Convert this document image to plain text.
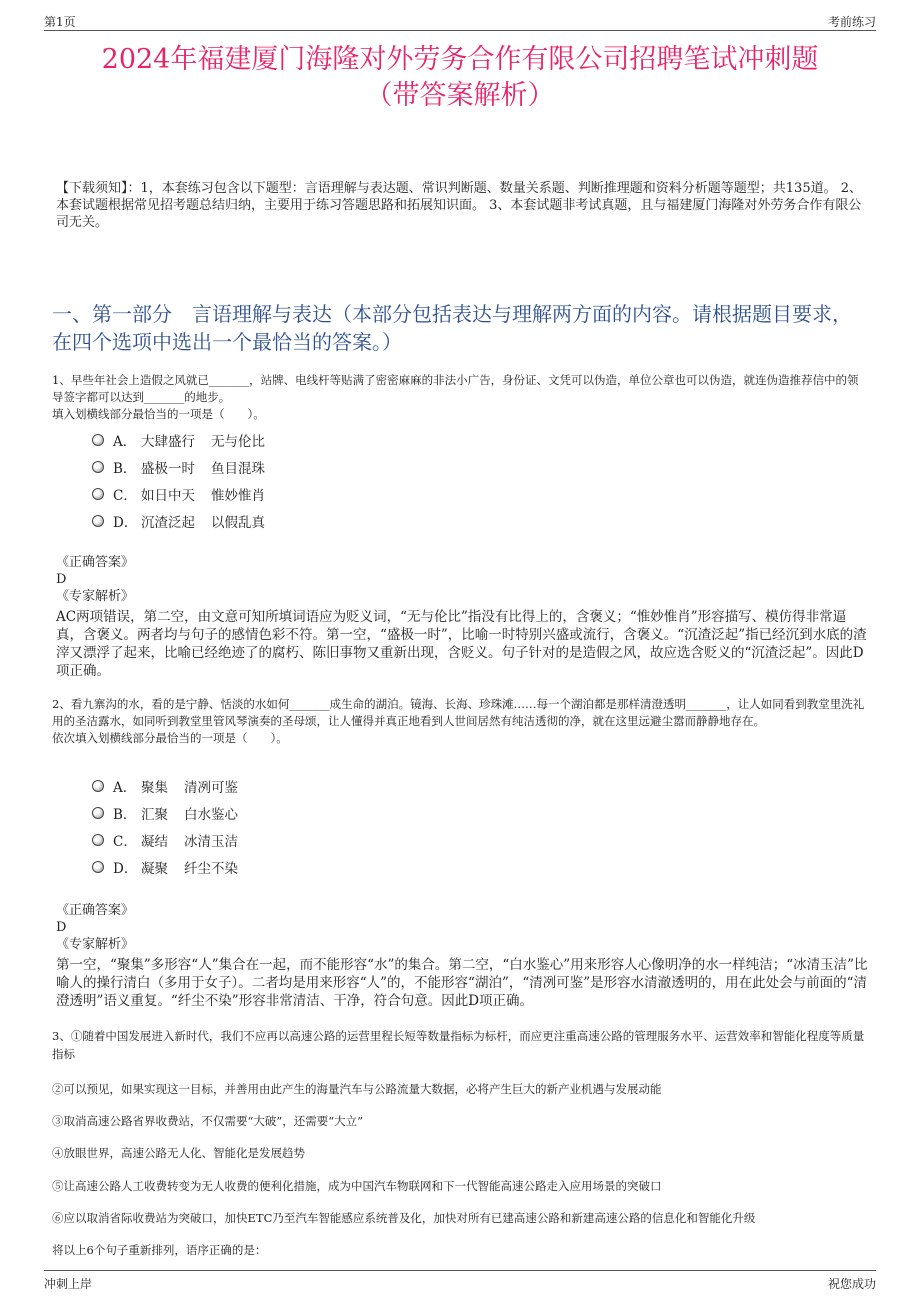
第1页	考前练习
2024年福建厦门海隆对外劳务合作有限公司招聘笔试冲刺题
（带答案解析）
【下载须知】：1，本套练习包含以下题型：言语理解与表达题、常识判断题、数量关系题、判断推理题和资料分析题等题型；共135道。 2、本套试题根据常见招考题总结归纳，主要用于练习答题思路和拓展知识面。 3、本套试题非考试真题，且与福建厦门海隆对外劳务合作有限公司无关。
一、第一部分　言语理解与表达（本部分包括表达与理解两方面的内容。请根据题目要求，在四个选项中选出一个最恰当的答案。）
1、早些年社会上造假之风就已_______，站牌、电线杆等贴满了密密麻麻的非法小广告，身份证、文凭可以伪造，单位公章也可以伪造，就连伪造推荐信中的领导签字都可以达到_______的地步。
填入划横线部分最恰当的一项是（　　）。
A． 大肆盛行 无与伦比
B． 盛极一时 鱼目混珠
C． 如日中天 惟妙惟肖
D． 沉渣泛起 以假乱真
《正确答案》
D
《专家解析》
AC两项错误，第二空，由文意可知所填词语应为贬义词，“无与伦比”指没有比得上的，含褒义；“惟妙惟肖”形容描写、模仿得非常逼真，含褒义。两者均与句子的感情色彩不符。第一空，“盛极一时”，比喻一时特别兴盛或流行，含褒义。“沉渣泛起”指已经沉到水底的渣滓又漂浮了起来，比喻已经绝迹了的腐朽、陈旧事物又重新出现，含贬义。句子针对的是造假之风，故应选含贬义的“沉渣泛起”。因此D项正确。
2、看九寨沟的水，看的是宁静、恬淡的水如何_______成生命的湖泊。镜海、长海、珍珠滩……每一个湖泊都是那样清澄透明_______，让人如同看到教堂里洗礼用的圣洁露水，如同听到教堂里管风琴演奏的圣母颂，让人懂得并真正地看到人世间居然有纯洁透彻的净，就在这里远避尘嚣而静静地存在。
依次填入划横线部分最恰当的一项是（　　）。
A． 聚集 清冽可鉴
B． 汇聚 白水鉴心
C． 凝结 冰清玉洁
D． 凝聚 纤尘不染
《正确答案》
D
《专家解析》
第一空，“聚集”多形容“人”集合在一起，而不能形容“水”的集合。第二空，“白水鉴心”用来形容人心像明净的水一样纯洁；“冰清玉洁”比喻人的操行清白（多用于女子）。二者均是用来形容“人”的，不能形容“湖泊”，“清冽可鉴”是形容水清澈透明的，用在此处会与前面的“清澄透明”语义重复。“纤尘不染”形容非常清洁、干净，符合句意。因此D项正确。
3、①随着中国发展进入新时代，我们不应再以高速公路的运营里程长短等数量指标为标杆，而应更注重高速公路的管理服务水平、运营效率和智能化程度等质量指标
②可以预见，如果实现这一目标，并善用由此产生的海量汽车与公路流量大数据，必将产生巨大的新产业机遇与发展动能
③取消高速公路省界收费站，不仅需要“大破”，还需要“大立”
④放眼世界，高速公路无人化、智能化是发展趋势
⑤让高速公路人工收费转变为无人收费的便利化措施，成为中国汽车物联网和下一代智能高速公路走入应用场景的突破口
⑥应以取消省际收费站为突破口，加快ETC乃至汽车智能感应系统普及化，加快对所有已建高速公路和新建高速公路的信息化和智能化升级
将以上6个句子重新排列，语序正确的是：
冲刺上岸	祝您成功
